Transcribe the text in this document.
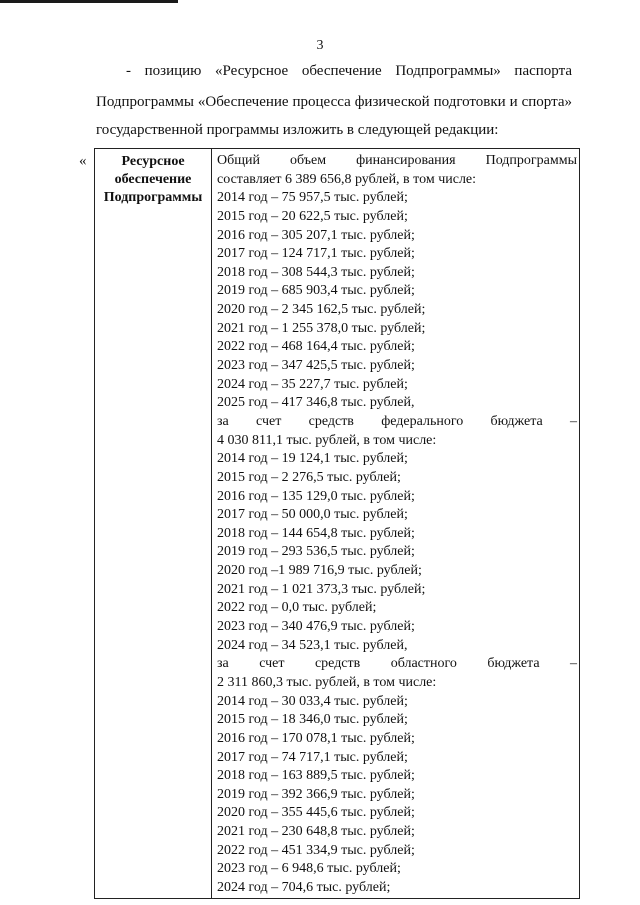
3
- позицию «Ресурсное обеспечение Подпрограммы» паспорта
Подпрограммы «Обеспечение процесса физической подготовки и спорта»
государственной программы изложить в следующей редакции:
«	Ресурсное
обеспечение
Подпрограммы
Общий объем финансирования Подпрограммы
составляет 6 389 656,8 рублей, в том числе:
2014 год – 75 957,5 тыс. рублей;
2015 год – 20 622,5 тыс. рублей;
2016 год – 305 207,1 тыс. рублей;
2017 год – 124 717,1 тыс. рублей;
2018 год – 308 544,3 тыс. рублей;
2019 год – 685 903,4 тыс. рублей;
2020 год – 2 345 162,5 тыс. рублей;
2021 год – 1 255 378,0 тыс. рублей;
2022 год – 468 164,4 тыс. рублей;
2023 год – 347 425,5 тыс. рублей;
2024 год – 35 227,7 тыс. рублей;
2025 год – 417 346,8 тыс. рублей,
за счет средств федерального бюджета –
4 030 811,1 тыс. рублей, в том числе:
2014 год – 19 124,1 тыс. рублей;
2015 год – 2 276,5 тыс. рублей;
2016 год – 135 129,0 тыс. рублей;
2017 год – 50 000,0 тыс. рублей;
2018 год – 144 654,8 тыс. рублей;
2019 год – 293 536,5 тыс. рублей;
2020 год –1 989 716,9 тыс. рублей;
2021 год – 1 021 373,3 тыс. рублей;
2022 год – 0,0 тыс. рублей;
2023 год – 340 476,9 тыс. рублей;
2024 год – 34 523,1 тыс. рублей,
за счет средств областного бюджета –
2 311 860,3 тыс. рублей, в том числе:
2014 год – 30 033,4 тыс. рублей;
2015 год – 18 346,0 тыс. рублей;
2016 год – 170 078,1 тыс. рублей;
2017 год – 74 717,1 тыс. рублей;
2018 год – 163 889,5 тыс. рублей;
2019 год – 392 366,9 тыс. рублей;
2020 год – 355 445,6 тыс. рублей;
2021 год – 230 648,8 тыс. рублей;
2022 год – 451 334,9 тыс. рублей;
2023 год – 6 948,6 тыс. рублей;
2024 год – 704,6 тыс. рублей;
